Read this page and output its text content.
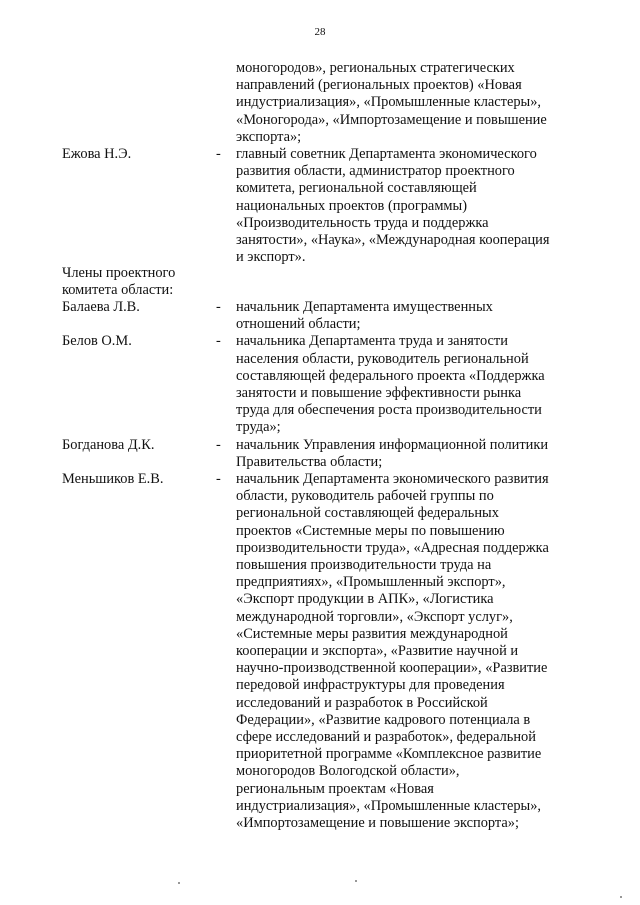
28
моногородов», региональных стратегических
направлений (региональных проектов) «Новая
индустриализация», «Промышленные кластеры»,
«Моногорода», «Импортозамещение и повышение
экспорта»;
Ежова Н.Э.	- главный советник Департамента экономического
развития области, администратор проектного
комитета, региональной составляющей
национальных проектов (программы)
«Производительность труда и поддержка
занятости», «Наука», «Международная кооперация
и экспорт».
Члены проектного
комитета области:
Балаева Л.В.	- начальник Департамента имущественных
отношений области;
Белов О.М.	- начальника Департамента труда и занятости
населения области, руководитель региональной
составляющей федерального проекта «Поддержка
занятости и повышение эффективности рынка
труда для обеспечения роста производительности
труда»;
Богданова Д.К.	- начальник Управления информационной политики
Правительства области;
Меньшиков Е.В.	- начальник Департамента экономического развития
области, руководитель рабочей группы по
региональной составляющей федеральных
проектов «Системные меры по повышению
производительности труда», «Адресная поддержка
повышения производительности труда на
предприятиях», «Промышленный экспорт»,
«Экспорт продукции в АПК», «Логистика
международной торговли», «Экспорт услуг»,
«Системные меры развития международной
кооперации и экспорта», «Развитие научной и
научно-производственной кооперации», «Развитие
передовой инфраструктуры для проведения
исследований и разработок в Российской
Федерации», «Развитие кадрового потенциала в
сфере исследований и разработок», федеральной
приоритетной программе «Комплексное развитие
моногородов Вологодской области»,
региональным проектам «Новая
индустриализация», «Промышленные кластеры»,
«Импортозамещение и повышение экспорта»;
